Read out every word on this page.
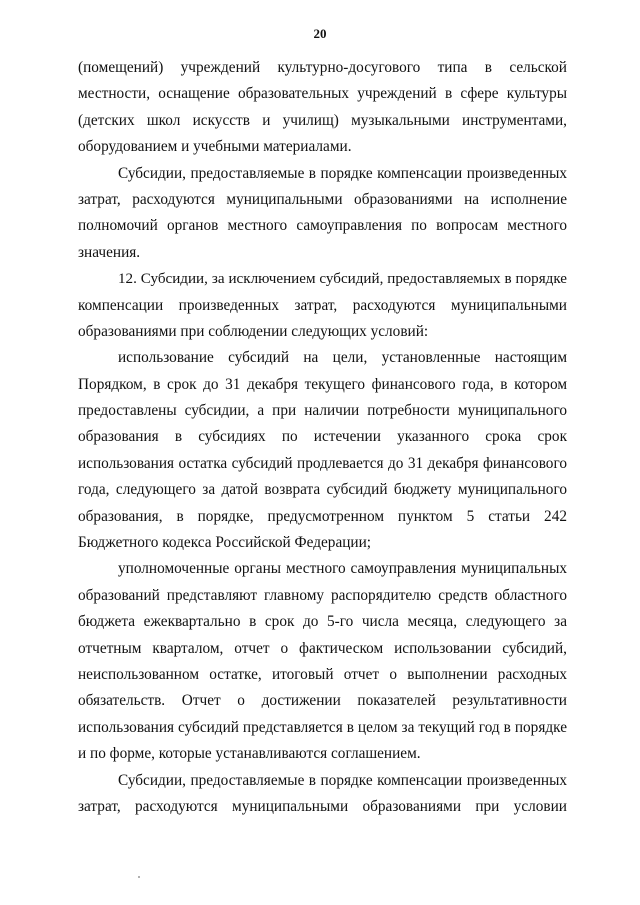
20
(помещений) учреждений культурно-досугового типа в сельской
местности, оснащение образовательных учреждений в сфере культуры
(детских школ искусств и училищ) музыкальными инструментами,
оборудованием и учебными материалами.
Субсидии, предоставляемые в порядке компенсации произведенных
затрат, расходуются муниципальными образованиями на исполнение
полномочий органов местного самоуправления по вопросам местного
значения.
12. Субсидии, за исключением субсидий, предоставляемых в порядке
компенсации произведенных затрат, расходуются муниципальными
образованиями при соблюдении следующих условий:
использование субсидий на цели, установленные настоящим
Порядком, в срок до 31 декабря текущего финансового года, в котором
предоставлены субсидии, а при наличии потребности муниципального
образования в субсидиях по истечении указанного срока срок
использования остатка субсидий продлевается до 31 декабря финансового
года, следующего за датой возврата субсидий бюджету муниципального
образования, в порядке, предусмотренном пунктом 5 статьи 242
Бюджетного кодекса Российской Федерации;
уполномоченные органы местного самоуправления муниципальных
образований представляют главному распорядителю средств областного
бюджета ежеквартально в срок до 5-го числа месяца, следующего за
отчетным кварталом, отчет о фактическом использовании субсидий,
неиспользованном остатке, итоговый отчет о выполнении расходных
обязательств. Отчет о достижении показателей результативности
использования субсидий представляется в целом за текущий год в порядке
и по форме, которые устанавливаются соглашением.
Субсидии, предоставляемые в порядке компенсации произведенных
затрат, расходуются муниципальными образованиями при условии
